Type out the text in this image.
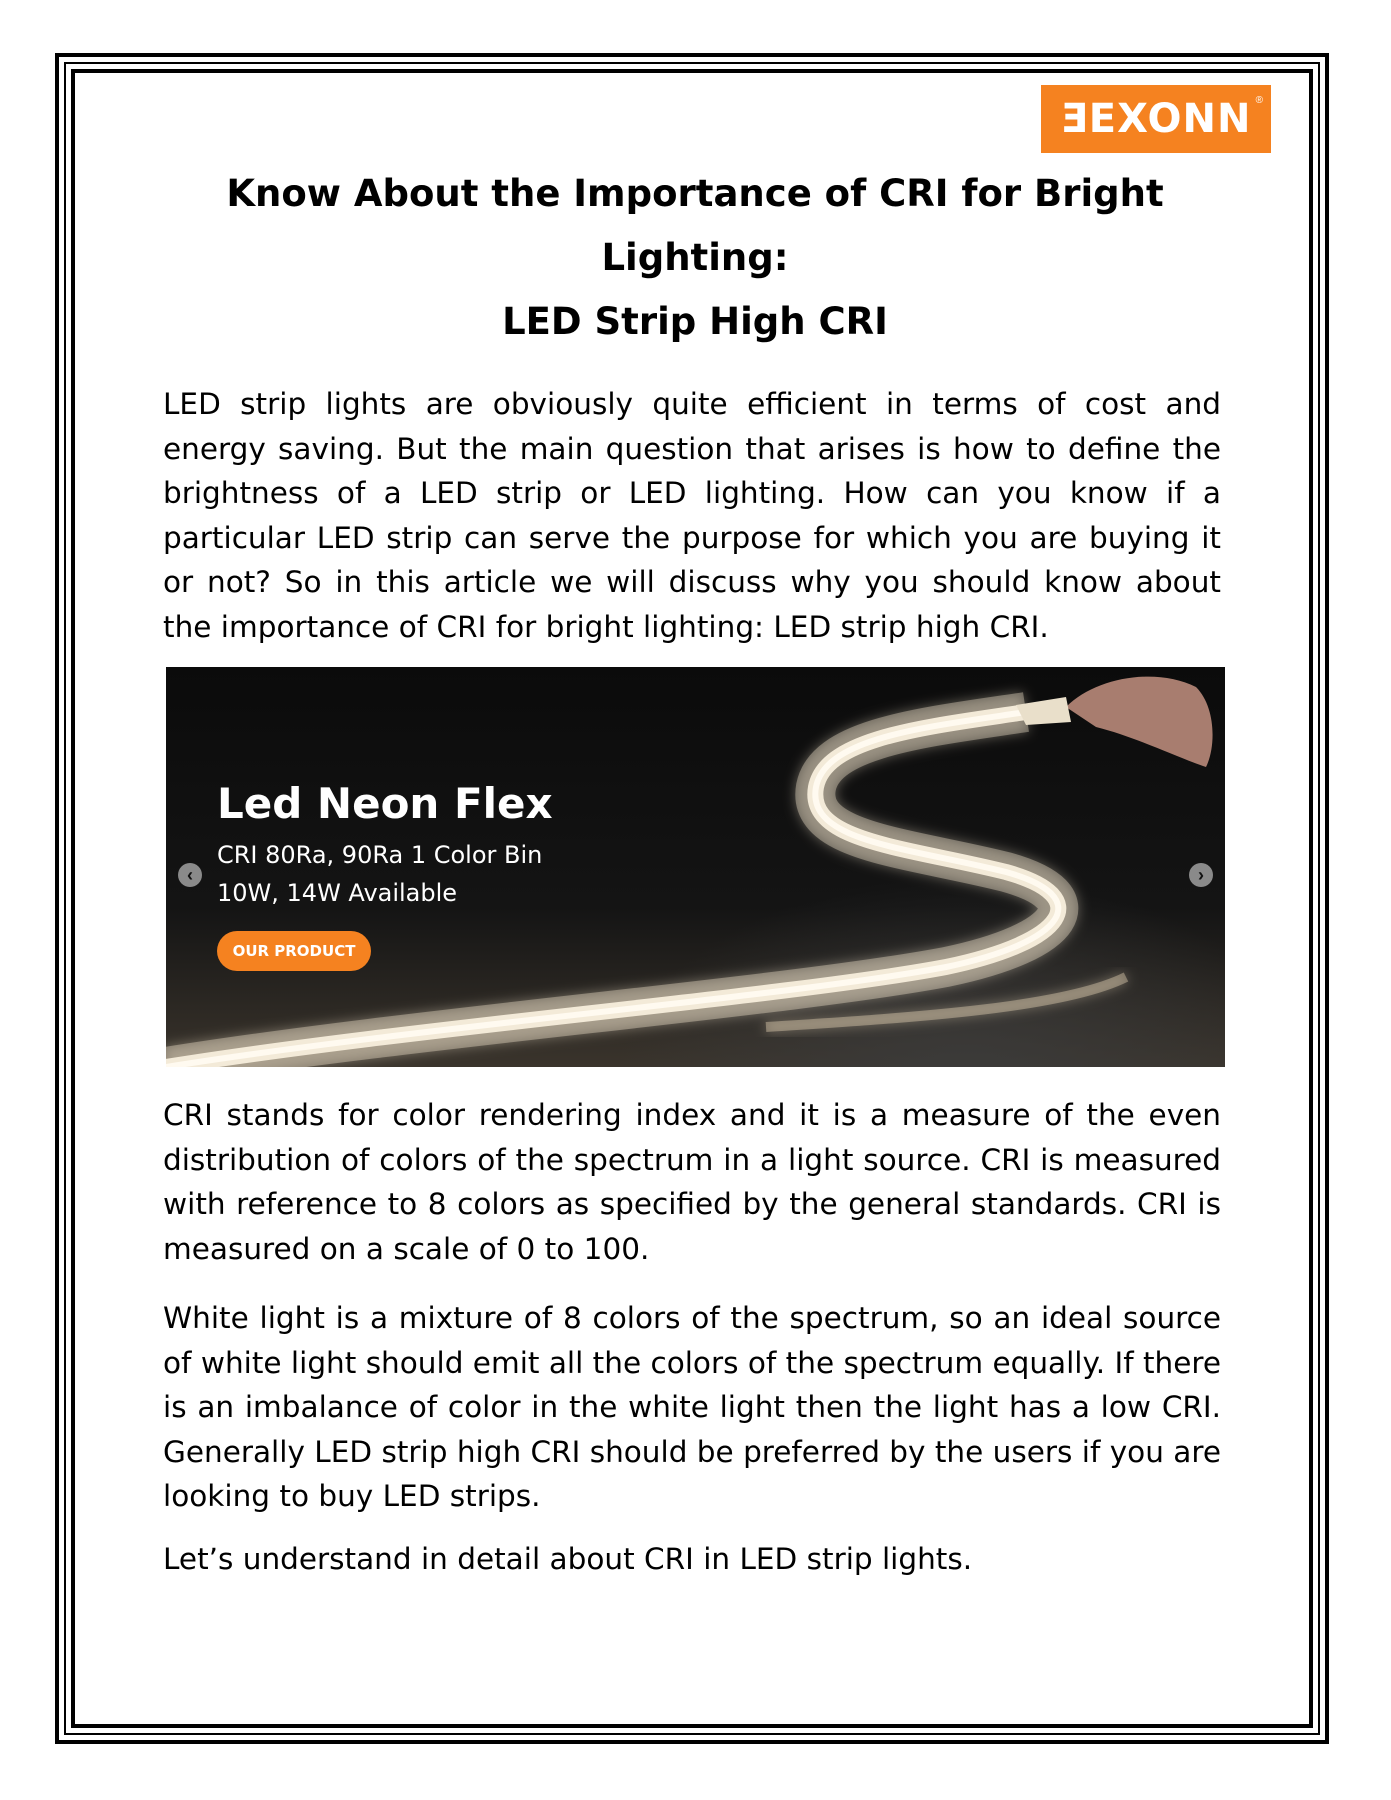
ƎEXONN ®
Know About the Importance of CRI for Bright Lighting:
LED Strip High CRI

LED strip lights are obviously quite efficient in terms of cost and energy saving. But the main question that arises is how to define the brightness of a LED strip or LED lighting. How can you know if a particular LED strip can serve the purpose for which you are buying it or not? So in this article we will discuss why you should know about the importance of CRI for bright lighting: LED strip high CRI.

Led Neon Flex
CRI 80Ra, 90Ra 1 Color Bin
10W, 14W Available
OUR PRODUCT
‹	›

CRI stands for color rendering index and it is a measure of the even distribution of colors of the spectrum in a light source. CRI is measured with reference to 8 colors as specified by the general standards. CRI is measured on a scale of 0 to 100.

White light is a mixture of 8 colors of the spectrum, so an ideal source of white light should emit all the colors of the spectrum equally. If there is an imbalance of color in the white light then the light has a low CRI. Generally LED strip high CRI should be preferred by the users if you are looking to buy LED strips.

Let’s understand in detail about CRI in LED strip lights.
